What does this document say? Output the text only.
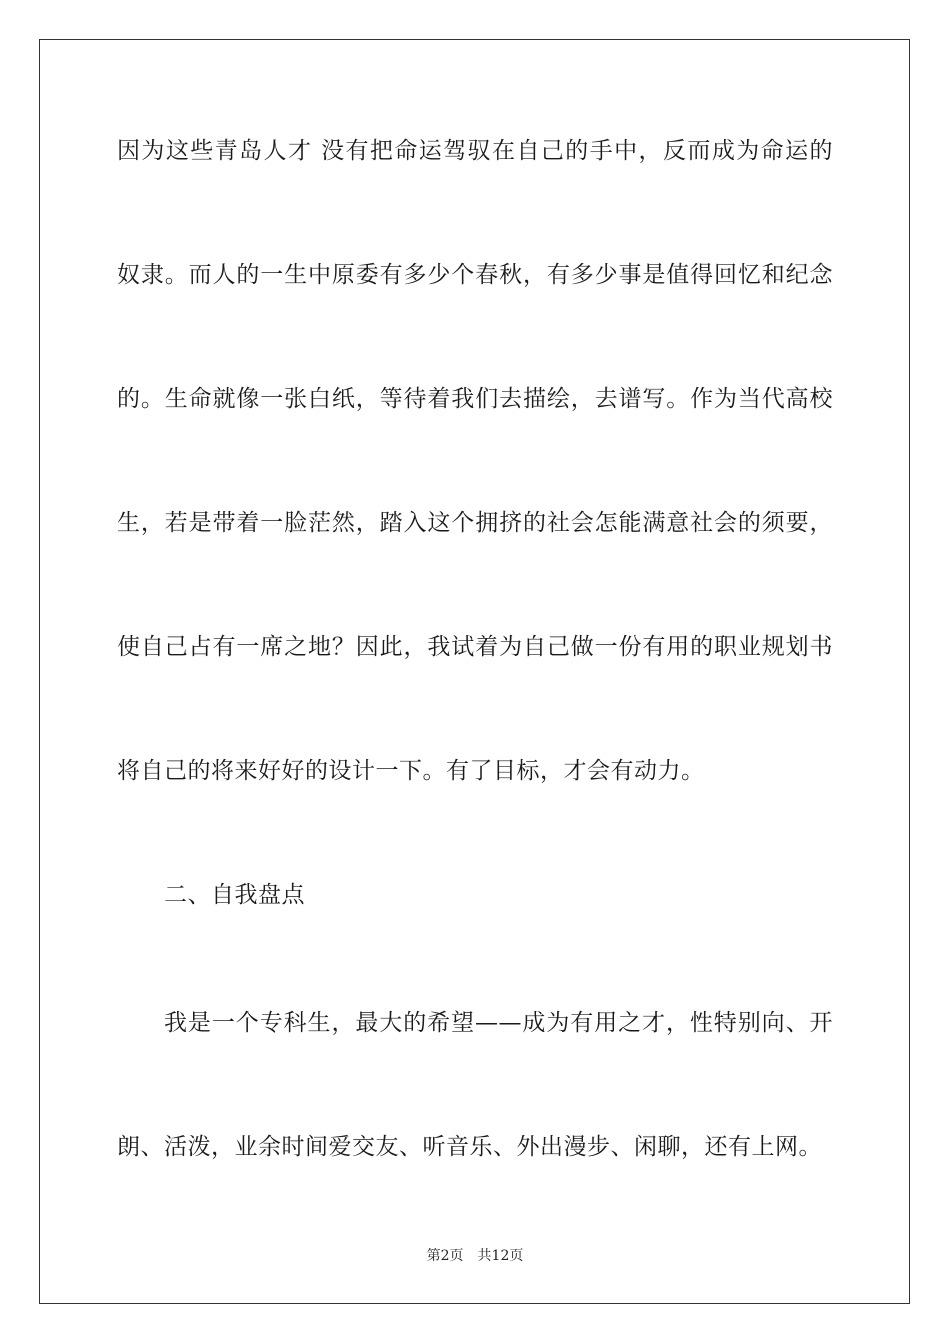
因为这些青岛人才 没有把命运驾驭在自己的手中，反而成为命运的
奴隶。而人的一生中原委有多少个春秋，有多少事是值得回忆和纪念
的。生命就像一张白纸，等待着我们去描绘，去谱写。作为当代高校
生，若是带着一脸茫然，踏入这个拥挤的社会怎能满意社会的须要，
使自己占有一席之地？因此，我试着为自己做一份有用的职业规划书
将自己的将来好好的设计一下。有了目标，才会有动力。
二、自我盘点
我是一个专科生，最大的希望——成为有用之才，性特别向、开
朗、活泼，业余时间爱交友、听音乐、外出漫步、闲聊，还有上网。
第2页 共12页
